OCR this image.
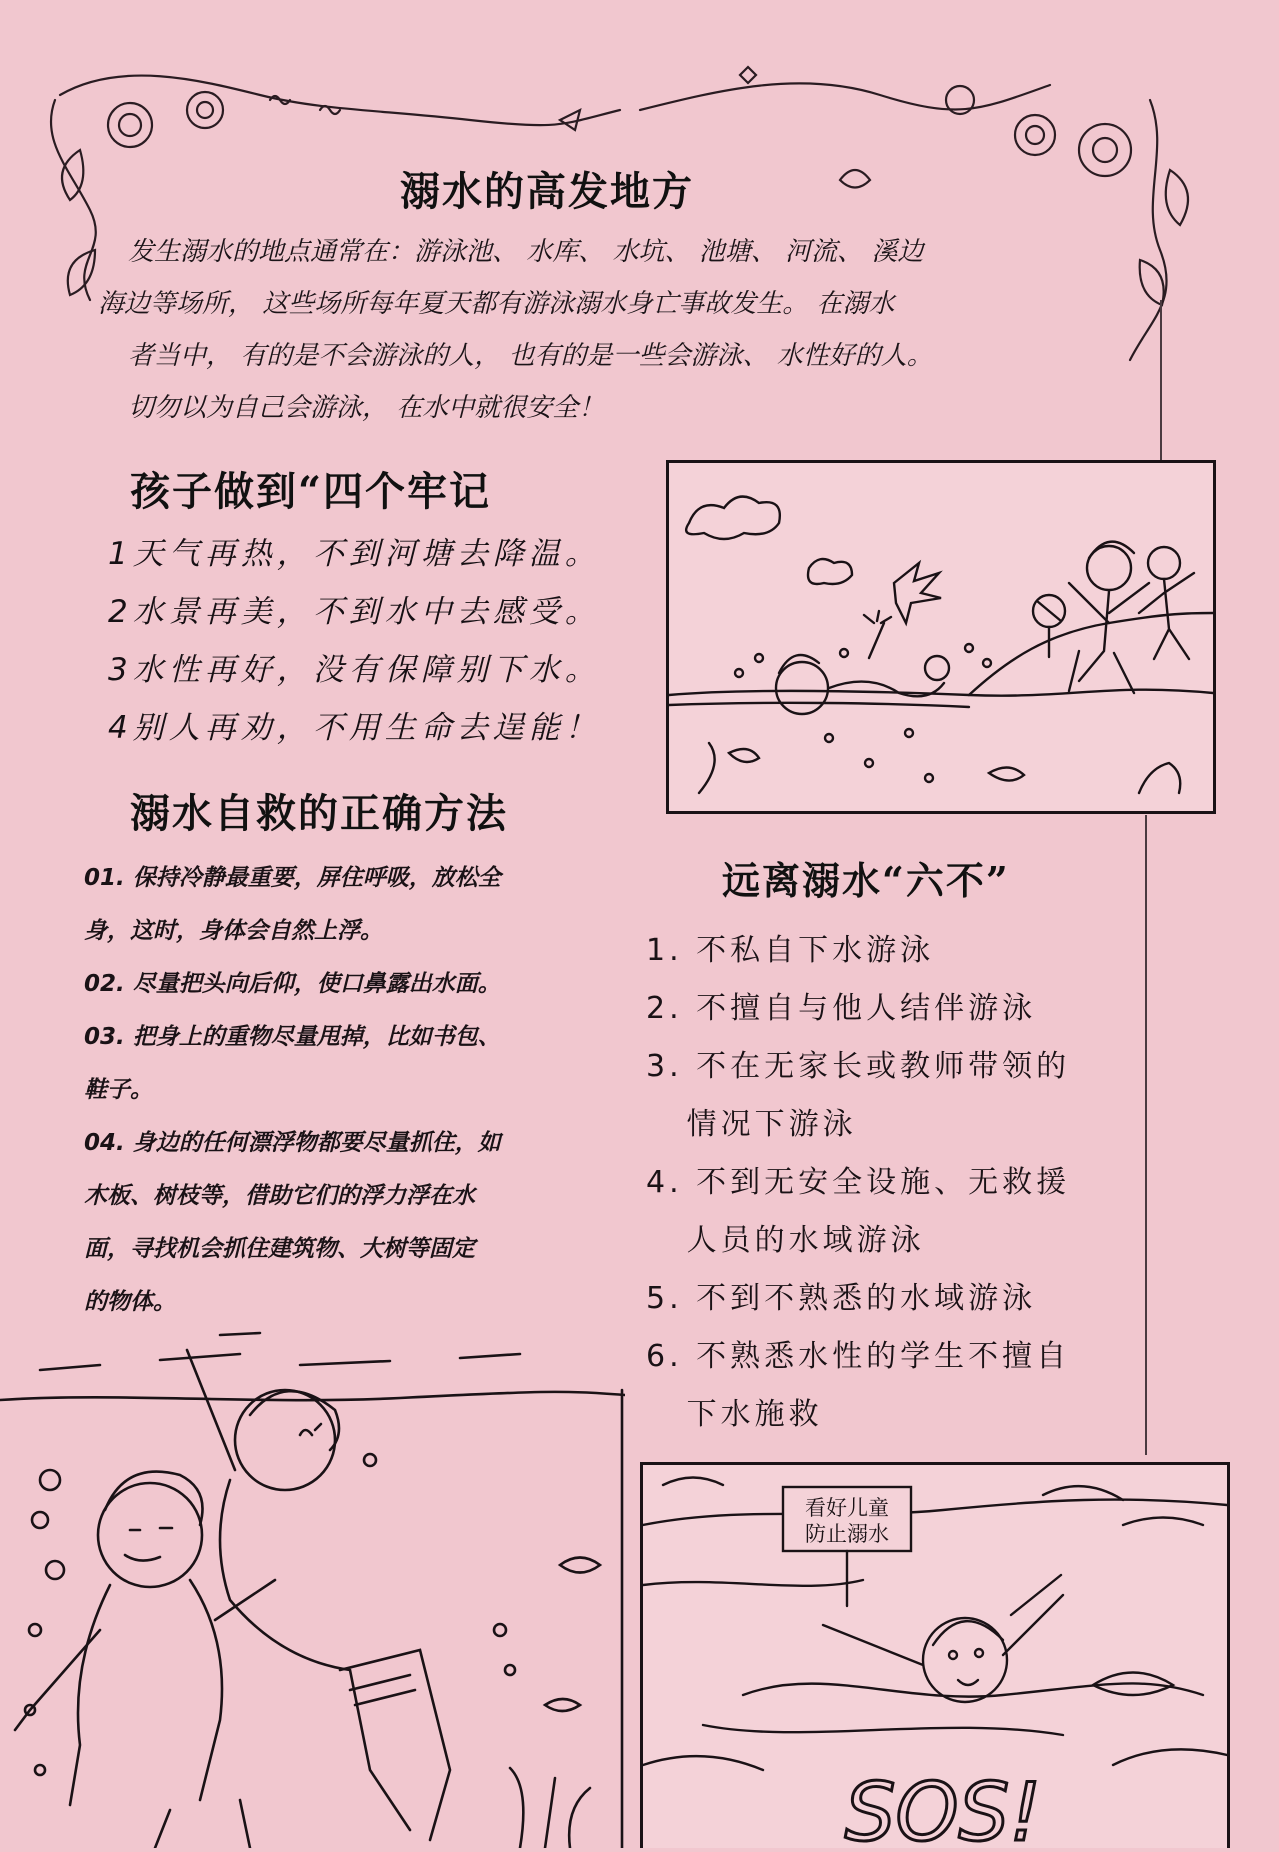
溺水的高发地方
发生溺水的地点通常在：游泳池、 水库、 水坑、 池塘、 河流、 溪边
海边等场所， 这些场所每年夏天都有游泳溺水身亡事故发生。 在溺水
者当中， 有的是不会游泳的人， 也有的是一些会游泳、 水性好的人。
切勿以为自己会游泳， 在水中就很安全！
孩子做到“四个牢记
1天气再热，不到河塘去降温。
2水景再美，不到水中去感受。
3水性再好，没有保障别下水。
4别人再劝，不用生命去逞能！
溺水自救的正确方法
01. 保持冷静最重要，屏住呼吸，放松全
身，这时，身体会自然上浮。
02. 尽量把头向后仰，使口鼻露出水面。
03. 把身上的重物尽量甩掉，比如书包、
鞋子。
04. 身边的任何漂浮物都要尽量抓住，如
木板、树枝等，借助它们的浮力浮在水
面，寻找机会抓住建筑物、大树等固定
的物体。
远离溺水“六不”
1. 不私自下水游泳
2. 不擅自与他人结伴游泳
3. 不在无家长或教师带领的
情况下游泳
4. 不到无安全设施、无救援
人员的水域游泳
5. 不到不熟悉的水域游泳
6. 不熟悉水性的学生不擅自
下水施救
看好儿童
防止溺水
SOS!
